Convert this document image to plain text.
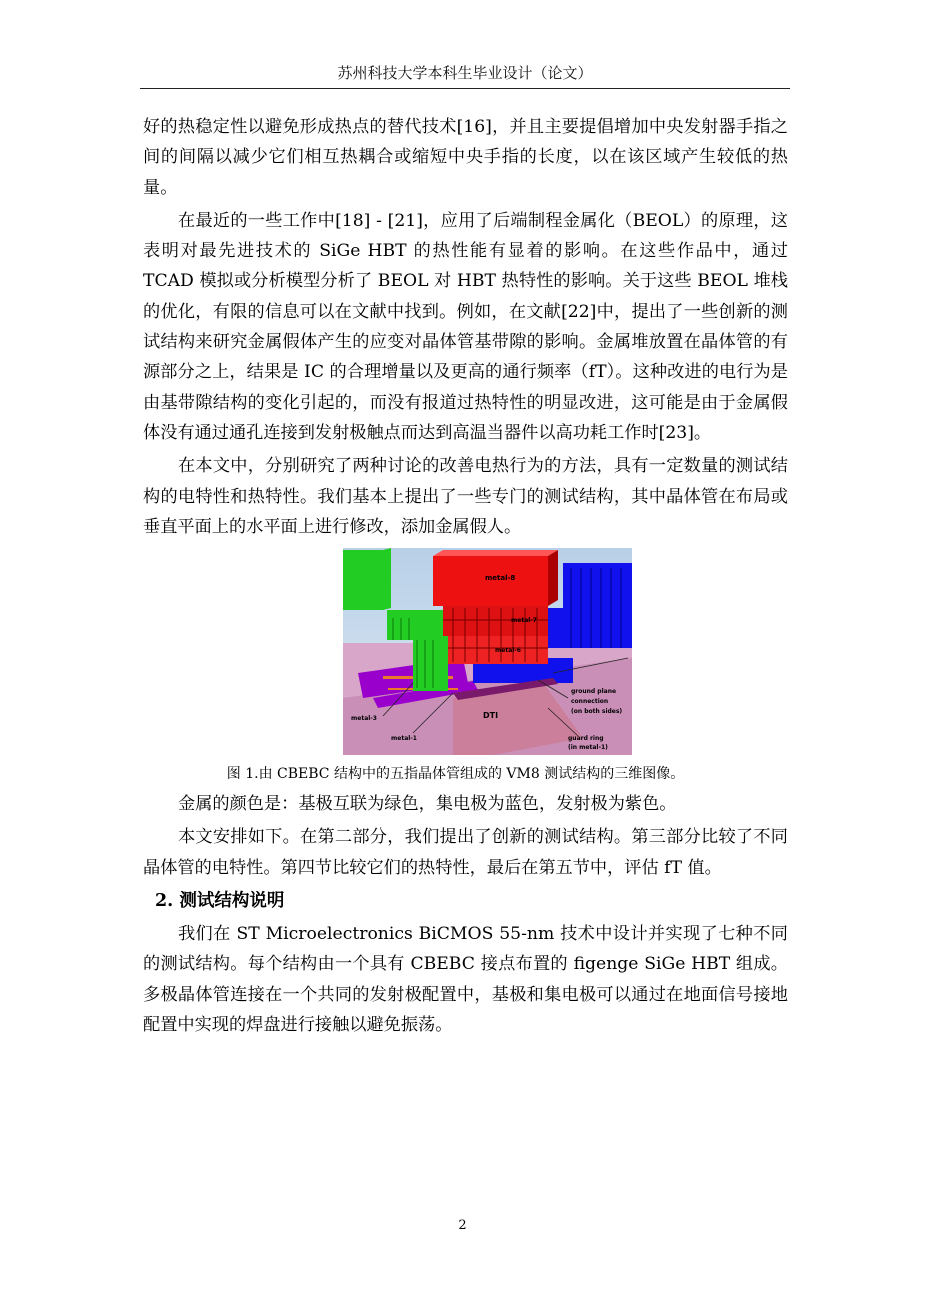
苏州科技大学本科生毕业设计（论文）

好的热稳定性以避免形成热点的替代技术[16]，并且主要提倡增加中央发射器手指之间的间隔以减少它们相互热耦合或缩短中央手指的长度，以在该区域产生较低的热量。

在最近的一些工作中[18] - [21]，应用了后端制程金属化（BEOL）的原理，这表明对最先进技术的 SiGe HBT 的热性能有显着的影响。在这些作品中，通过 TCAD 模拟或分析模型分析了 BEOL 对 HBT 热特性的影响。关于这些 BEOL 堆栈的优化，有限的信息可以在文献中找到。例如，在文献[22]中，提出了一些创新的测试结构来研究金属假体产生的应变对晶体管基带隙的影响。金属堆放置在晶体管的有源部分之上，结果是 IC 的合理增量以及更高的通行频率（fT）。这种改进的电行为是由基带隙结构的变化引起的，而没有报道过热特性的明显改进，这可能是由于金属假体没有通过通孔连接到发射极触点而达到高温当器件以高功耗工作时[23]。

在本文中，分别研究了两种讨论的改善电热行为的方法，具有一定数量的测试结构的电特性和热特性。我们基本上提出了一些专门的测试结构，其中晶体管在布局或垂直平面上的水平面上进行修改，添加金属假人。

metal-8
metal-7
metal-6
ground plane
connection
(on both sides)
DTI
metal-3
metal-1	guard ring
(in metal-1)
图 1.由 CBEBC 结构中的五指晶体管组成的 VM8 测试结构的三维图像。

金属的颜色是：基极互联为绿色，集电极为蓝色，发射极为紫色。

本文安排如下。在第二部分，我们提出了创新的测试结构。第三部分比较了不同晶体管的电特性。第四节比较它们的热特性，最后在第五节中，评估 fT 值。

2. 测试结构说明

我们在 ST Microelectronics BiCMOS 55-nm 技术中设计并实现了七种不同的测试结构。每个结构由一个具有 CBEBC 接点布置的 figenge SiGe HBT 组成。多极晶体管连接在一个共同的发射极配置中，基极和集电极可以通过在地面信号接地配置中实现的焊盘进行接触以避免振荡。

2
